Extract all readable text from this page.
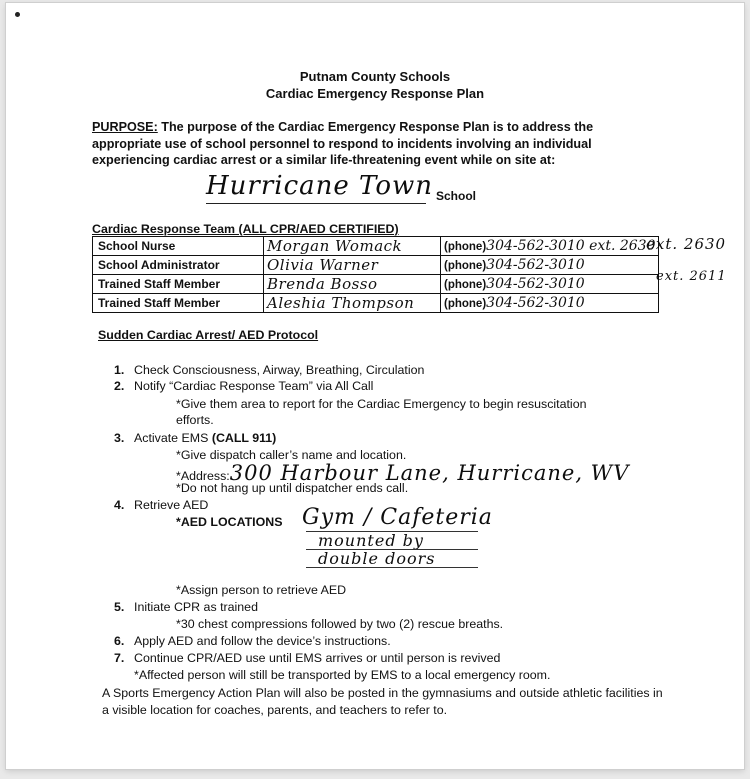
Putnam County Schools
Cardiac Emergency Response Plan
PURPOSE: The purpose of the Cardiac Emergency Response Plan is to address the appropriate use of school personnel to respond to incidents involving an individual experiencing cardiac arrest or a similar life-threatening event while on site at:
Hurricane Town School
Cardiac Response Team (ALL CPR/AED CERTIFIED)
School Nurse	Morgan Womack	(phone)304-562-3010 ext. 2630
School Administrator	Olivia Warner	(phone)304-562-3010
Trained Staff Member	Brenda Bosso	(phone)304-562-3010
Trained Staff Member	Aleshia Thompson	(phone)304-562-3010
ext. 2630
ext. 2611
Sudden Cardiac Arrest/ AED Protocol
1. Check Consciousness, Airway, Breathing, Circulation
2. Notify “Cardiac Response Team” via All Call
*Give them area to report for the Cardiac Emergency to begin resuscitation
efforts.
3. Activate EMS (CALL 911)
*Give dispatch caller’s name and location.
*Address:300 Harbour Lane, Hurricane, WV
*Do not hang up until dispatcher ends call.
4. Retrieve AED
*AED LOCATIONS Gym / Cafeteria
mounted by
double doors
*Assign person to retrieve AED
5. Initiate CPR as trained
*30 chest compressions followed by two (2) rescue breaths.
6. Apply AED and follow the device’s instructions.
7. Continue CPR/AED use until EMS arrives or until person is revived
*Affected person will still be transported by EMS to a local emergency room.
A Sports Emergency Action Plan will also be posted in the gymnasiums and outside athletic facilities in a visible location for coaches, parents, and teachers to refer to.
